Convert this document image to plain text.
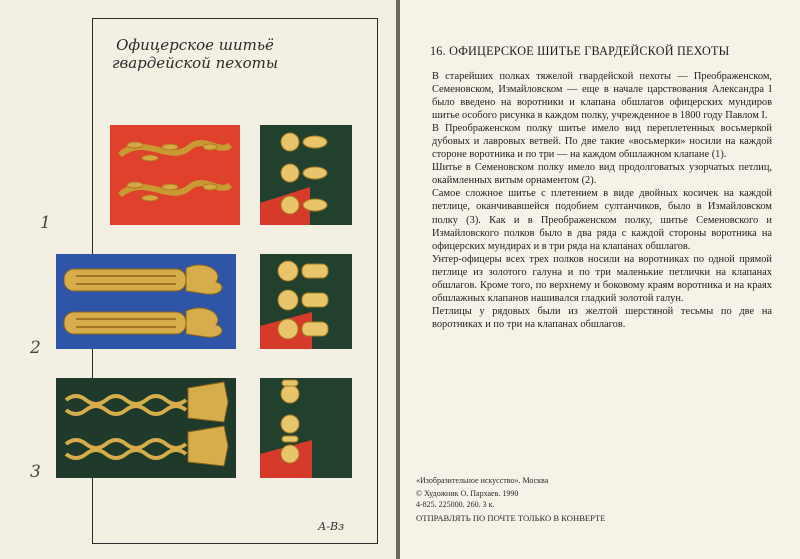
Офицерское шитьё
гвардейской пехоты
1
2
3
А-Вз
16. ОФИЦЕРСКОЕ ШИТЬЕ ГВАРДЕЙСКОЙ ПЕХОТЫ

В старейших полках тяжелой гвардейской пехоты — Преображенском, Семеновском, Измайловском — еще в начале царствования Александра I было введено на воротники и клапана обшлагов офицерских мундиров шитье особого рисунка в каждом полку, учрежденное в 1800 году Павлом I.

В Преображенском полку шитье имело вид переплетенных восьмеркой дубовых и лавровых ветвей. По две такие «восьмерки» носили на каждой стороне воротника и по три — на каждом обшлажном клапане (1).

Шитье в Семеновском полку имело вид продолговатых узорчатых петлиц, окаймленных витым орнаментом (2).

Самое сложное шитье с плетением в виде двойных косичек на каждой петлице, оканчивавшейся подобием султанчиков, было в Измайловском полку (3). Как и в Преображенском полку, шитье Семеновского и Измайловского полков было в два ряда с каждой стороны воротника на офицерских мундирах и в три ряда на клапанах обшлагов.

Унтер-офицеры всех трех полков носили на воротниках по одной прямой петлице из золотого галуна и по три маленькие петлички на клапанах обшлагов. Кроме того, по верхнему и боковому краям воротника и на краях обшлажных клапанов нашивался гладкий золотой галун.

Петлицы у рядовых были из желтой шерстяной тесьмы по две на воротниках и по три на клапанах обшлагов.

«Изобразительное искусство». Москва
© Художник О. Пархаев. 1990
4-825. 225000. 260. 3 к.
ОТПРАВЛЯТЬ ПО ПОЧТЕ ТОЛЬКО В КОНВЕРТЕ
